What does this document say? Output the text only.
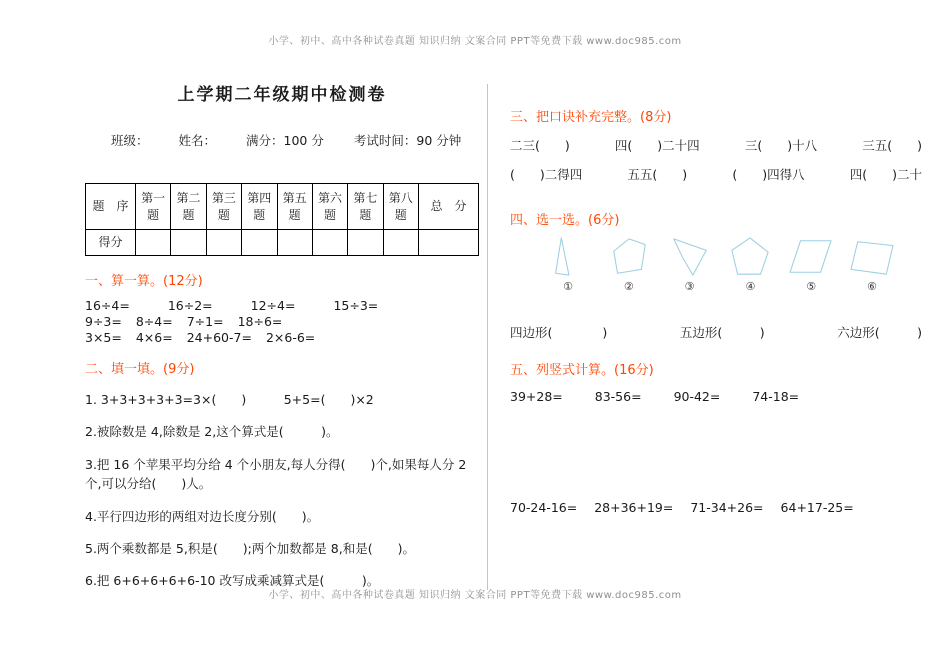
小学、初中、高中各种试卷真题 知识归纳 文案合同 PPT等免费下载 www.doc985.com
上学期二年级期中检测卷
班级： 姓名： 满分：100 分 考试时间：90 分钟
题　序	第一题	第二题	第三题	第四题	第五题	第六题	第七题	第八题	总　分
得分									
一、算一算。(12分)
16÷4=	16÷2=	12÷4=	15÷3=
9÷3= 8÷4= 7÷1= 18÷6=
3×5= 4×6= 24+60-7= 2×6-6=
二、填一填。(9分)
1. 3+3+3+3+3=3×(　　)　　　5+5=(　　)×2
2.被除数是 4,除数是 2,这个算式是(　　　)。
3.把 16 个苹果平均分给 4 个小朋友,每人分得(　　)个,如果每人分 2 个,可以分给(　　)人。
4.平行四边形的两组对边长度分别(　　)。
5.两个乘数都是 5,积是(　　);两个加数都是 8,和是(　　)。
6.把 6+6+6+6+6-10 改写成乘减算式是(　　　)。
三、把口诀补充完整。(8分)
二三(　　)	四(　　)二十四	三(　　)十八	三五(　　)
(　　)二得四	五五(　　)	(　　)四得八	四(　　)二十
四、选一选。(6分)
①	②	③	④	⑤	⑥
四边形(　　　　)	五边形(　　　)	六边形(　　　)
五、列竖式计算。(16分)
39+28=	83-56=	90-42=	74-18=
70-24-16= 28+36+19= 71-34+26= 64+17-25=
小学、初中、高中各种试卷真题 知识归纳 文案合同 PPT等免费下载 www.doc985.com
